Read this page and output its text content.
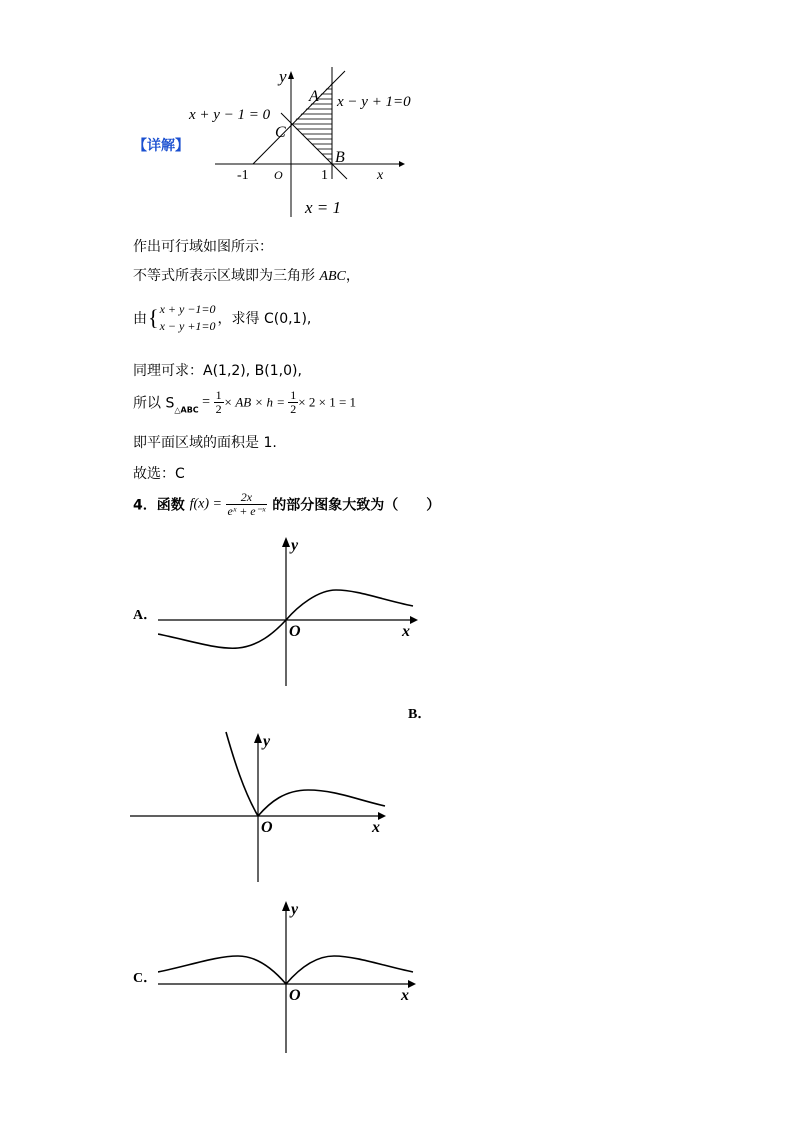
【详解】
y
x
O
-1	1
A
B
C
x + y − 1 = 0
x − y + 1=0
x = 1
作出可行域如图所示：
不等式所表示区域即为三角形 ABC，
由{ x + y −1=0
x − y +1=0 ，求得 C(0,1),
同理可求：A(1,2), B(1,0),
所以 $S_{\triangle ABC} = \frac{1}{2}$ × AB × $h = \frac{1}{2} \times 2 \times 1 = 1$
即平面区域的面积是 1.
故选：C
4．函数 $f(x) = \frac{2x}{\text{eˣ + e⁻ˣ}}$ 的部分图象大致为（　　）
A．
y
x
O
B．
y
x
O
C．
y
x
O
